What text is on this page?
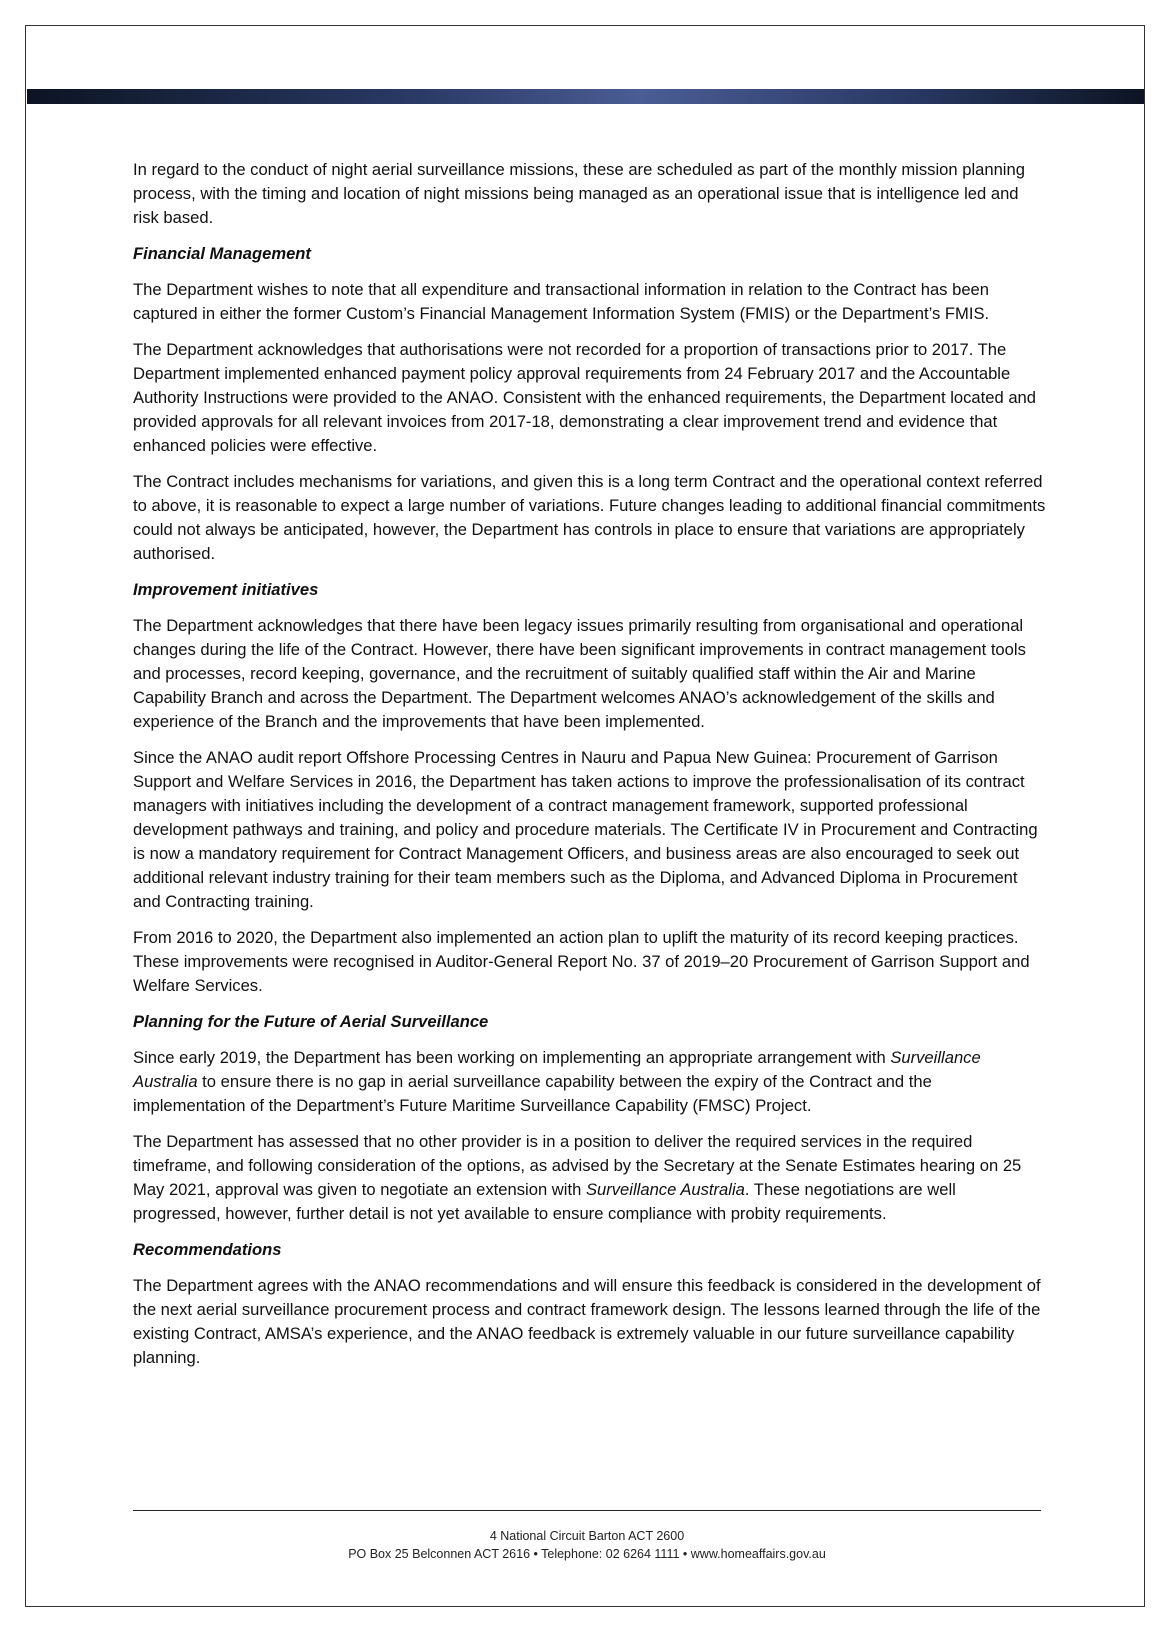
In regard to the conduct of night aerial surveillance missions, these are scheduled as part of the monthly mission planning process, with the timing and location of night missions being managed as an operational issue that is intelligence led and risk based.

Financial Management

The Department wishes to note that all expenditure and transactional information in relation to the Contract has been captured in either the former Custom’s Financial Management Information System (FMIS) or the Department’s FMIS.

The Department acknowledges that authorisations were not recorded for a proportion of transactions prior to 2017. The Department implemented enhanced payment policy approval requirements from 24 February 2017 and the Accountable Authority Instructions were provided to the ANAO. Consistent with the enhanced requirements, the Department located and provided approvals for all relevant invoices from 2017-18, demonstrating a clear improvement trend and evidence that enhanced policies were effective.

The Contract includes mechanisms for variations, and given this is a long term Contract and the operational context referred to above, it is reasonable to expect a large number of variations. Future changes leading to additional financial commitments could not always be anticipated, however, the Department has controls in place to ensure that variations are appropriately authorised.

Improvement initiatives

The Department acknowledges that there have been legacy issues primarily resulting from organisational and operational changes during the life of the Contract. However, there have been significant improvements in contract management tools and processes, record keeping, governance, and the recruitment of suitably qualified staff within the Air and Marine Capability Branch and across the Department. The Department welcomes ANAO’s acknowledgement of the skills and experience of the Branch and the improvements that have been implemented.

Since the ANAO audit report Offshore Processing Centres in Nauru and Papua New Guinea: Procurement of Garrison Support and Welfare Services in 2016, the Department has taken actions to improve the professionalisation of its contract managers with initiatives including the development of a contract management framework, supported professional development pathways and training, and policy and procedure materials. The Certificate IV in Procurement and Contracting is now a mandatory requirement for Contract Management Officers, and business areas are also encouraged to seek out additional relevant industry training for their team members such as the Diploma, and Advanced Diploma in Procurement and Contracting training.

From 2016 to 2020, the Department also implemented an action plan to uplift the maturity of its record keeping practices. These improvements were recognised in Auditor-General Report No. 37 of 2019–20 Procurement of Garrison Support and Welfare Services.

Planning for the Future of Aerial Surveillance

Since early 2019, the Department has been working on implementing an appropriate arrangement with Surveillance Australia to ensure there is no gap in aerial surveillance capability between the expiry of the Contract and the implementation of the Department’s Future Maritime Surveillance Capability (FMSC) Project.

The Department has assessed that no other provider is in a position to deliver the required services in the required timeframe, and following consideration of the options, as advised by the Secretary at the Senate Estimates hearing on 25 May 2021, approval was given to negotiate an extension with Surveillance Australia. These negotiations are well progressed, however, further detail is not yet available to ensure compliance with probity requirements.

Recommendations

The Department agrees with the ANAO recommendations and will ensure this feedback is considered in the development of the next aerial surveillance procurement process and contract framework design. The lessons learned through the life of the existing Contract, AMSA’s experience, and the ANAO feedback is extremely valuable in our future surveillance capability planning.

4 National Circuit Barton ACT 2600
PO Box 25 Belconnen ACT 2616 • Telephone: 02 6264 1111 • www.homeaffairs.gov.au
